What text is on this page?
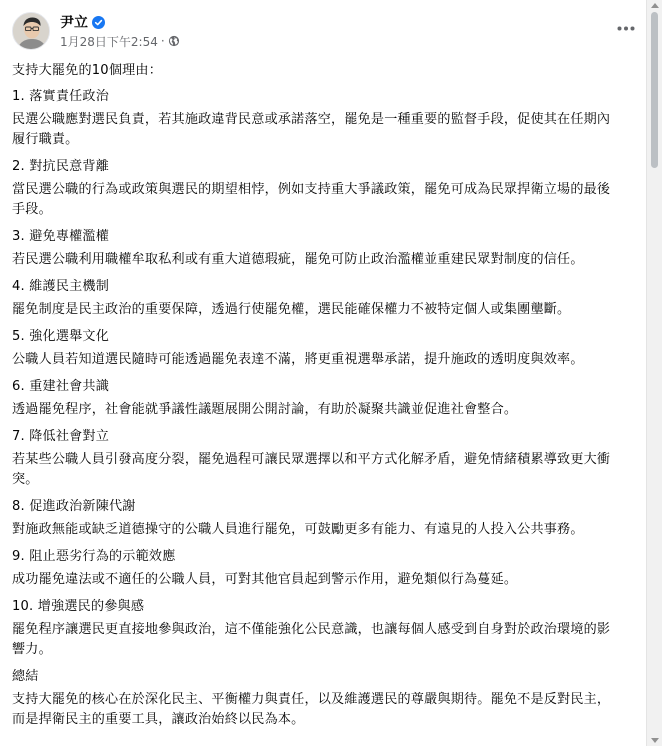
尹立
1月28日下午2:54 ·
支持大罷免的10個理由：
1. 落實責任政治
民選公職應對選民負責，若其施政違背民意或承諾落空，罷免是一種重要的監督手段，促使其在任期內
履行職責。
2. 對抗民意背離
當民選公職的行為或政策與選民的期望相悖，例如支持重大爭議政策，罷免可成為民眾捍衛立場的最後
手段。
3. 避免專權濫權
若民選公職利用職權牟取私利或有重大道德瑕疵，罷免可防止政治濫權並重建民眾對制度的信任。
4. 維護民主機制
罷免制度是民主政治的重要保障，透過行使罷免權，選民能確保權力不被特定個人或集團壟斷。
5. 強化選舉文化
公職人員若知道選民隨時可能透過罷免表達不滿，將更重視選舉承諾，提升施政的透明度與效率。
6. 重建社會共識
透過罷免程序，社會能就爭議性議題展開公開討論，有助於凝聚共識並促進社會整合。
7. 降低社會對立
若某些公職人員引發高度分裂，罷免過程可讓民眾選擇以和平方式化解矛盾，避免情緒積累導致更大衝
突。
8. 促進政治新陳代謝
對施政無能或缺乏道德操守的公職人員進行罷免，可鼓勵更多有能力、有遠見的人投入公共事務。
9. 阻止惡劣行為的示範效應
成功罷免違法或不適任的公職人員，可對其他官員起到警示作用，避免類似行為蔓延。
10. 增強選民的參與感
罷免程序讓選民更直接地參與政治，這不僅能強化公民意識，也讓每個人感受到自身對於政治環境的影
響力。
總結
支持大罷免的核心在於深化民主、平衡權力與責任，以及維護選民的尊嚴與期待。罷免不是反對民主，
而是捍衛民主的重要工具，讓政治始終以民為本。
